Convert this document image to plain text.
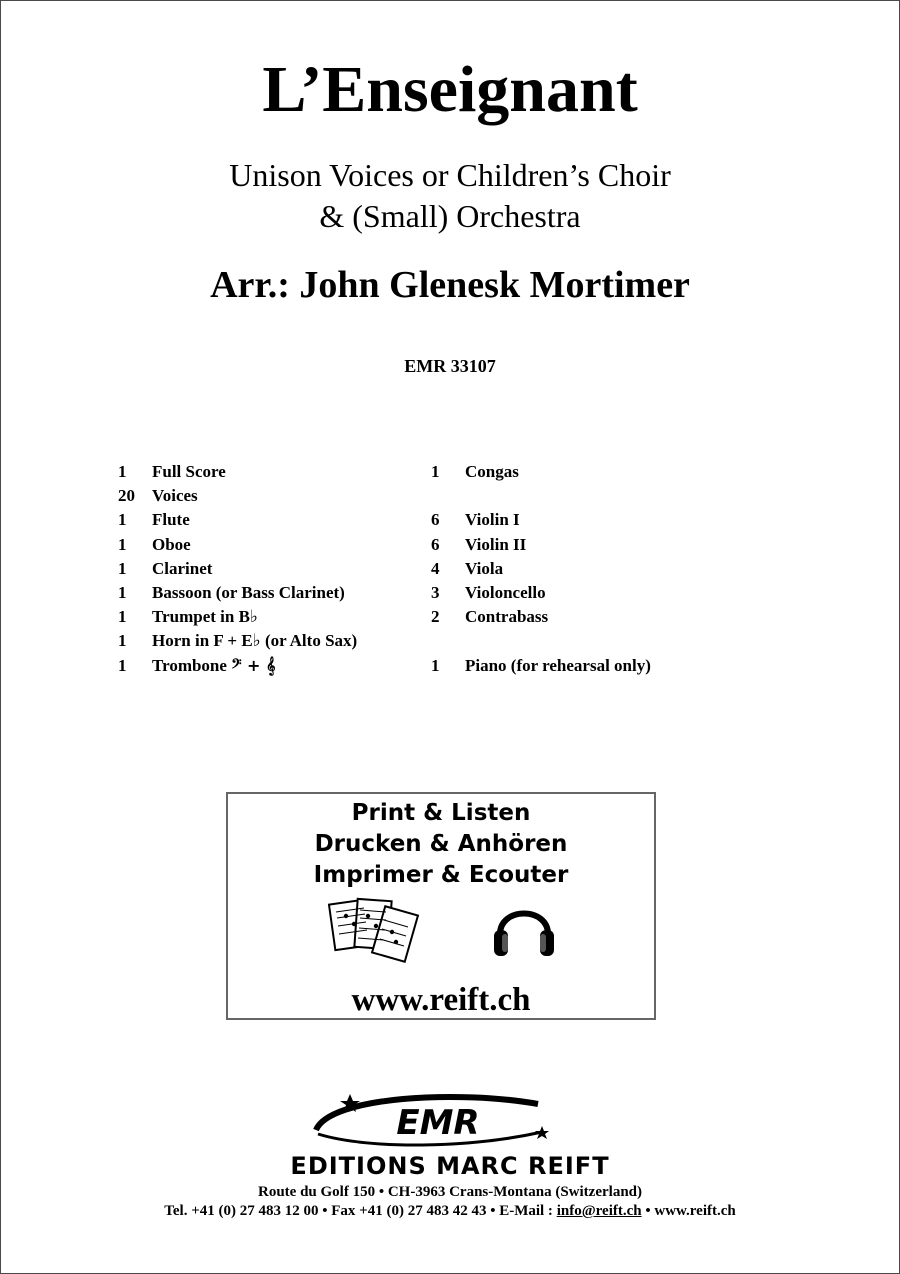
L’Enseignant
Unison Voices or Children’s Choir
& (Small) Orchestra
Arr.: John Glenesk Mortimer
EMR 33107
1 Full Score
20 Voices
1 Flute
1 Oboe
1 Clarinet
1 Bassoon (or Bass Clarinet)
1 Trumpet in B♭
1 Horn in F + E♭ (or Alto Sax)
1 Trombone 𝄢 + 𝄞
1 Congas
6 Violin I
6 Violin II
4 Viola
3 Violoncello
2 Contrabass
1 Piano (for rehearsal only)
Print & Listen
Drucken & Anhören
Imprimer & Ecouter
www.reift.ch
EMR
EDITIONS MARC REIFT
Route du Golf 150 • CH-3963 Crans-Montana (Switzerland)
Tel. +41 (0) 27 483 12 00 • Fax +41 (0) 27 483 42 43 • E-Mail : info@reift.ch • www.reift.ch
